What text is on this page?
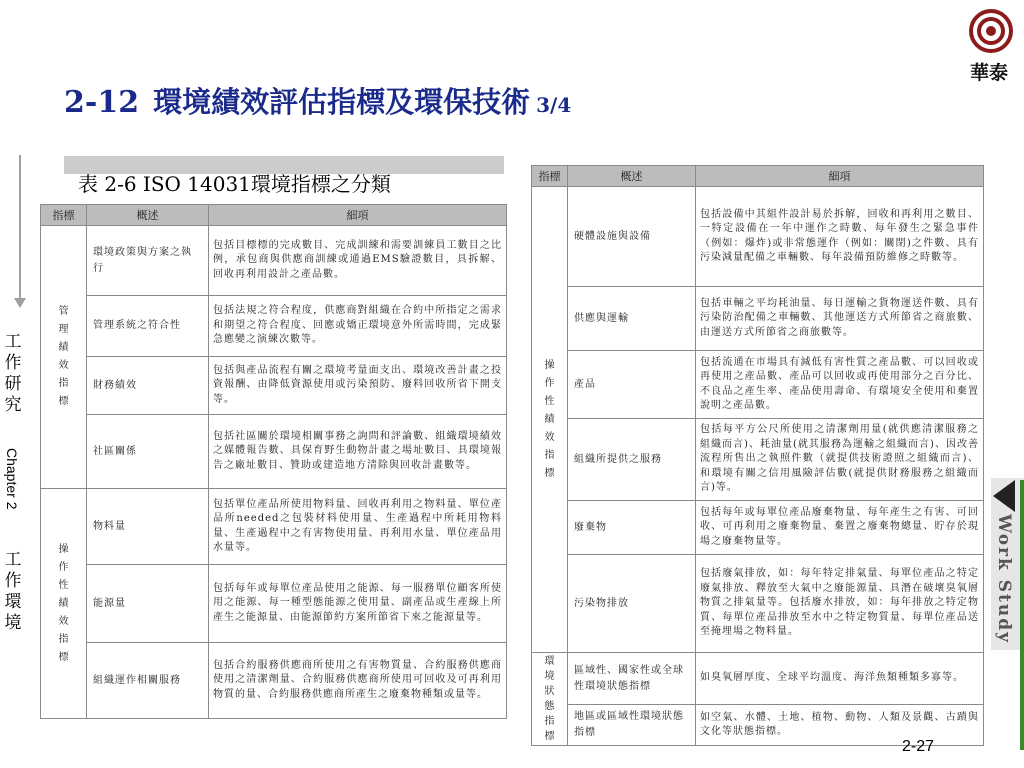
2-12 環境績效評估指標及環保技術 3/4
華泰
工
作
研
究
Chapter 2
工
作
環
境
表 2-6 ISO 14031環境指標之分類
指標	概述	細項

管理績效指標	環境政策與方案之執行	包括目標標的完成數目、完成訓練和需要訓練員工數目之比例，承包商與供應商訓練或通過EMS驗證數目，具拆解、回收再利用設計之產品數。
	管理系統之符合性	包括法規之符合程度，供應商對組織在合約中所指定之需求和期望之符合程度、回應或矯正環境意外所需時間，完成緊急應變之演練次數等。
	財務績效	包括與產品流程有關之環境考量面支出、環境改善計畫之投資報酬、由降低資源使用或污染預防、廢料回收所省下開支等。
	社區關係	包括社區關於環境相關事務之詢問和評論數、組織環境績效之媒體報告數、具保育野生動物計畫之場址數目、具環境報告之廠址數目、贊助或建造地方清除與回收計畫數等。

操作性績效指標	物料量	包括單位產品所使用物料量、回收再利用之物料量、單位產品所needed之包裝材料使用量、生產過程中所耗用物料量、生產過程中之有害物使用量、再利用水量、單位產品用水量等。
	能源量	包括每年或每單位產品使用之能源、每一服務單位顧客所使用之能源、每一種型態能源之使用量、副產品或生產線上所產生之能源量、由能源節約方案所節省下來之能源量等。
	組織運作相關服務	包括合約服務供應商所使用之有害物質量、合約服務供應商使用之清潔劑量、合約服務供應商所使用可回收及可再利用物質的量、合約服務供應商所產生之廢棄物種類或量等。
指標	概述	細項

操作性績效指標	硬體設施與設備	包括設備中其組件設計易於拆解，回收和再利用之數目、一特定設備在一年中運作之時數、每年發生之緊急事件（例如：爆炸)或非常態運作（例如：關閉)之件數、具有污染減量配備之車輛數、每年設備預防維修之時數等。
	供應與運輸	包括車輛之平均耗油量、每日運輸之貨物運送件數、具有污染防治配備之車輛數、其他運送方式所節省之商旅數、由運送方式所節省之商旅數等。
	產品	包括流通在市場具有減低有害性質之產品數、可以回收或再使用之產品數、產品可以回收或再使用部分之百分比、不良品之產生率、產品使用壽命、有環境安全使用和棄置說明之產品數。
	組織所提供之服務	包括每平方公尺所使用之清潔劑用量(就供應清潔服務之組織而言)、耗油量(就其服務為運輸之組織而言)、因改善流程所售出之執照件數（就提供技術證照之組織而言)、和環境有關之信用風險評估數(就提供財務服務之組織而言)等。
	廢棄物	包括每年或每單位產品廢棄物量、每年產生之有害、可回收、可再利用之廢棄物量、棄置之廢棄物總量、貯存於現場之廢棄物量等。
	污染物排放	包括廢氣排放，如：每年特定排氣量、每單位產品之特定廢氣排放、釋放至大氣中之廢能源量、具潛在破壞臭氧層物質之排氣量等。包括廢水排放，如：每年排放之特定物質、每單位產品排放至水中之特定物質量、每單位產品送至掩埋場之物料量。

環境狀態指標	區域性、國家性或全球性環境狀態指標	如臭氧層厚度、全球平均溫度、海洋魚類種類多寡等。
	地區或區域性環境狀態指標	如空氣、水體、土地、植物、動物、人類及景觀、古蹟與文化等狀態指標。
Work Study
2-27
